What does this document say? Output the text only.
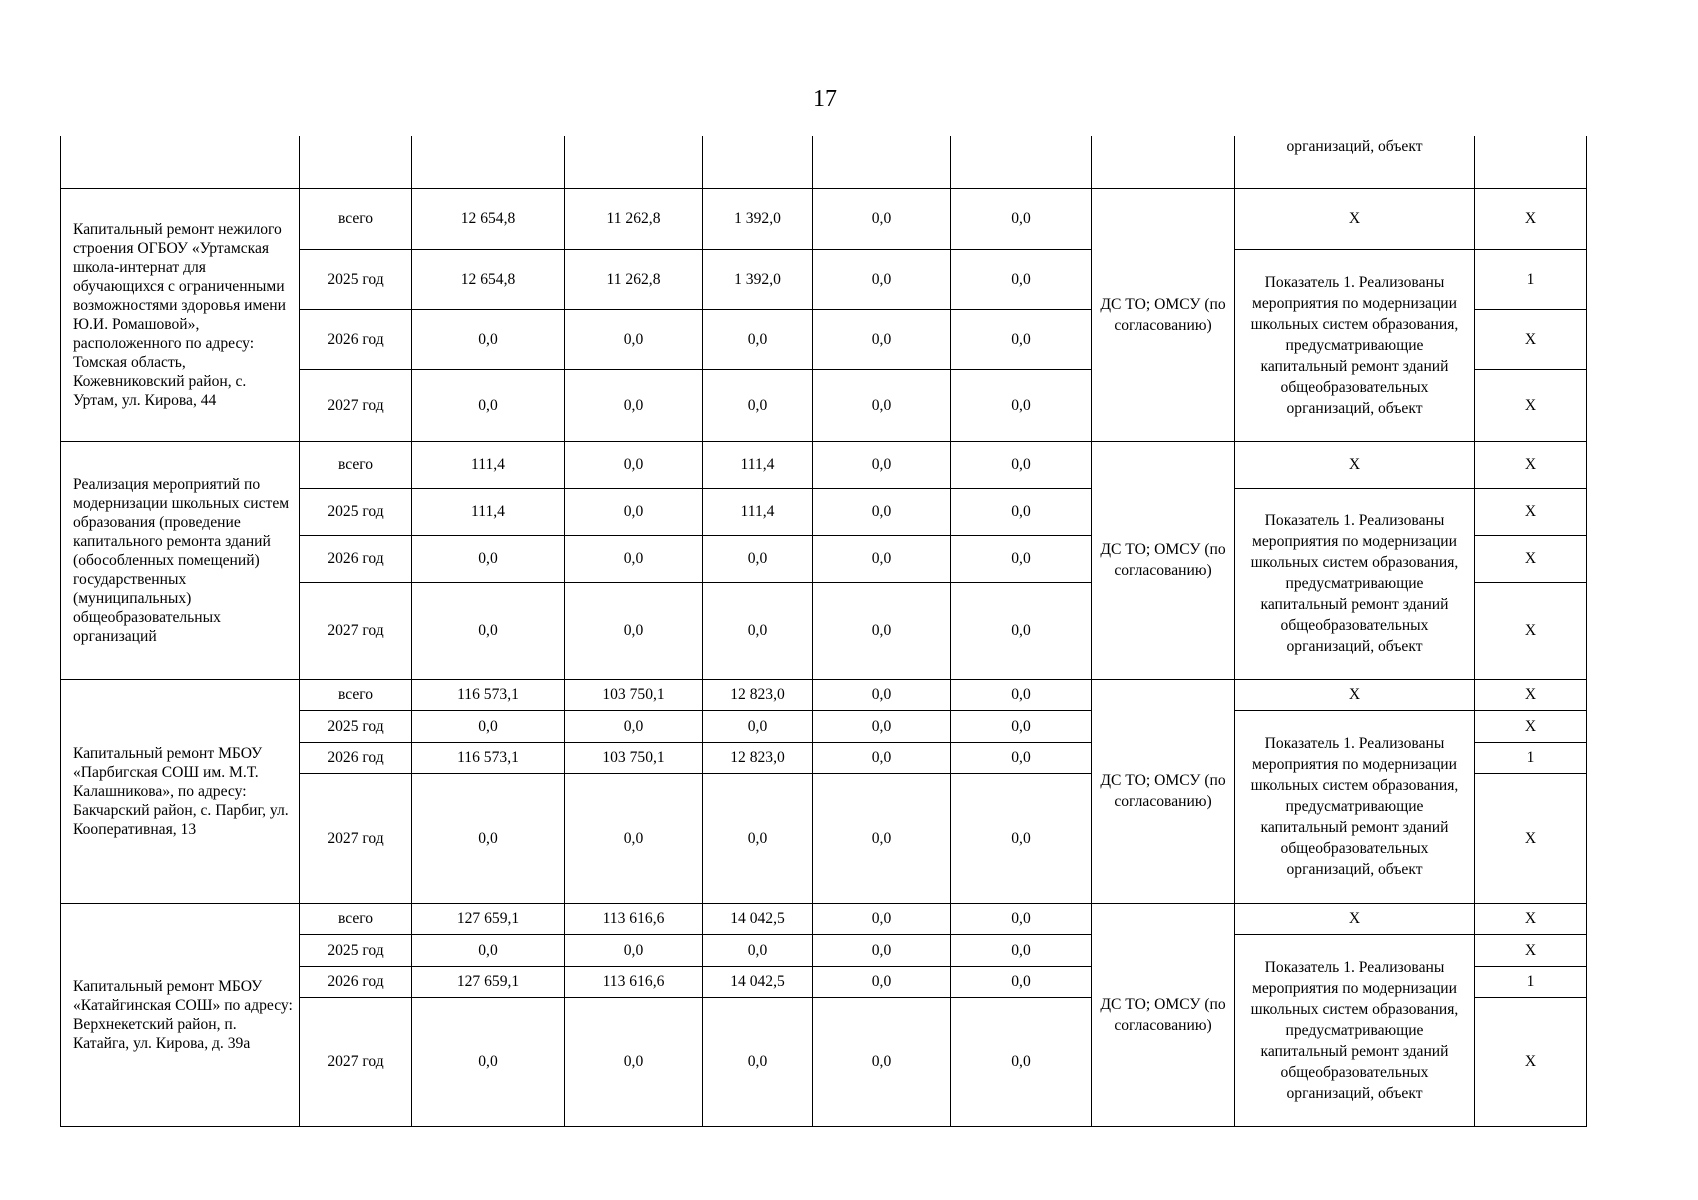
17
								организаций, объект	
Капитальный ремонт нежилого строения ОГБОУ «Уртамская школа-интернат для обучающихся с ограниченными возможностями здоровья имени Ю.И. Ромашовой», расположенного по адресу: Томская область, Кожевниковский район, с. Уртам, ул. Кирова, 44	всего	12 654,8	11 262,8	1 392,0	0,0	0,0	ДС ТО; ОМСУ (по согласованию)	X	X
	2025 год	12 654,8	11 262,8	1 392,0	0,0	0,0		Показатель 1. Реализованы мероприятия по модернизации школьных систем образования, предусматривающие капитальный ремонт зданий общеобразовательных организаций, объект	1
	2026 год	0,0	0,0	0,0	0,0	0,0			X
	2027 год	0,0	0,0	0,0	0,0	0,0			X
Реализация мероприятий по модернизации школьных систем образования (проведение капитального ремонта зданий (обособленных помещений) государственных (муниципальных) общеобразовательных организаций	всего	111,4	0,0	111,4	0,0	0,0	ДС ТО; ОМСУ (по согласованию)	X	X
	2025 год	111,4	0,0	111,4	0,0	0,0		Показатель 1. Реализованы мероприятия по модернизации школьных систем образования, предусматривающие капитальный ремонт зданий общеобразовательных организаций, объект	X
	2026 год	0,0	0,0	0,0	0,0	0,0			X
	2027 год	0,0	0,0	0,0	0,0	0,0			X
Капитальный ремонт МБОУ «Парбигская СОШ им. М.Т. Калашникова», по адресу: Бакчарский район, с. Парбиг, ул. Кооперативная, 13	всего	116 573,1	103 750,1	12 823,0	0,0	0,0	ДС ТО; ОМСУ (по согласованию)	X	X
	2025 год	0,0	0,0	0,0	0,0	0,0		Показатель 1. Реализованы мероприятия по модернизации школьных систем образования, предусматривающие капитальный ремонт зданий общеобразовательных организаций, объект	X
	2026 год	116 573,1	103 750,1	12 823,0	0,0	0,0			1
	2027 год	0,0	0,0	0,0	0,0	0,0			X
Капитальный ремонт МБОУ «Катайгинская СОШ» по адресу: Верхнекетский район, п. Катайга, ул. Кирова, д. 39а	всего	127 659,1	113 616,6	14 042,5	0,0	0,0	ДС ТО; ОМСУ (по согласованию)	X	X
	2025 год	0,0	0,0	0,0	0,0	0,0		Показатель 1. Реализованы мероприятия по модернизации школьных систем образования, предусматривающие капитальный ремонт зданий общеобразовательных организаций, объект	X
	2026 год	127 659,1	113 616,6	14 042,5	0,0	0,0			1
	2027 год	0,0	0,0	0,0	0,0	0,0			X
